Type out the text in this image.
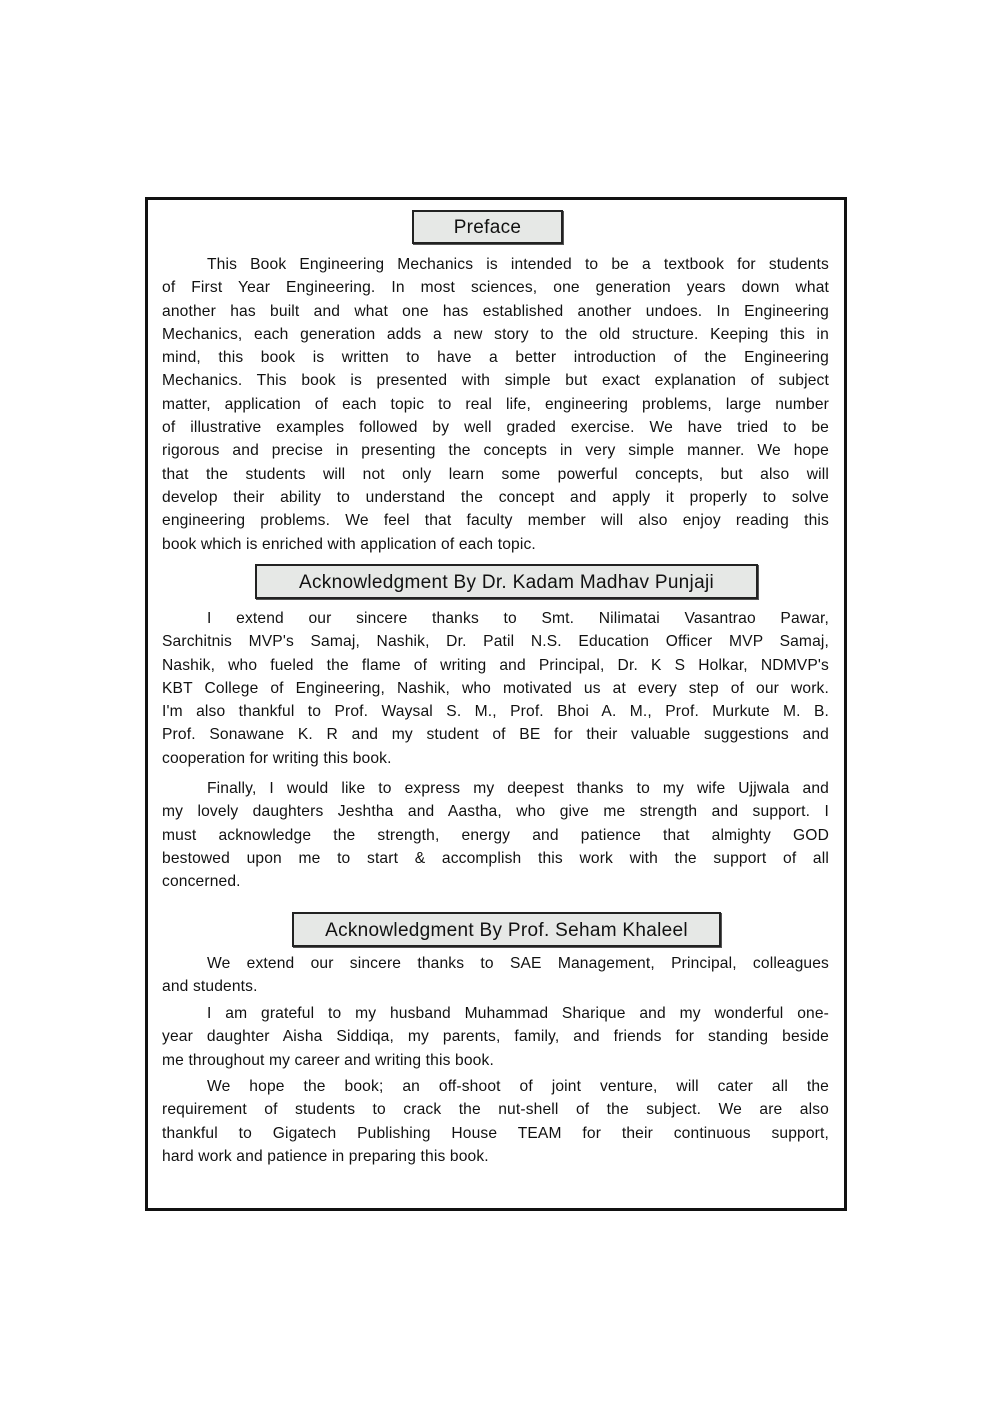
Preface
This Book Engineering Mechanics is intended to be a textbook for students
of First Year Engineering. In most sciences, one generation years down what
another has built and what one has established another undoes. In Engineering
Mechanics, each generation adds a new story to the old structure. Keeping this in
mind, this book is written to have a better introduction of the Engineering
Mechanics. This book is presented with simple but exact explanation of subject
matter, application of each topic to real life, engineering problems, large number
of illustrative examples followed by well graded exercise. We have tried to be
rigorous and precise in presenting the concepts in very simple manner. We hope
that the students will not only learn some powerful concepts, but also will
develop their ability to understand the concept and apply it properly to solve
engineering problems. We feel that faculty member will also enjoy reading this
book which is enriched with application of each topic.
Acknowledgment By Dr. Kadam Madhav Punjaji
I extend our sincere thanks to Smt. Nilimatai Vasantrao Pawar,
Sarchitnis MVP's Samaj, Nashik, Dr. Patil N.S. Education Officer MVP Samaj,
Nashik, who fueled the flame of writing and Principal, Dr. K S Holkar, NDMVP's
KBT College of Engineering, Nashik, who motivated us at every step of our work.
I'm also thankful to Prof. Waysal S. M., Prof. Bhoi A. M., Prof. Murkute M. B.
Prof. Sonawane K. R and my student of BE for their valuable suggestions and
cooperation for writing this book.
Finally, I would like to express my deepest thanks to my wife Ujjwala and
my lovely daughters Jeshtha and Aastha, who give me strength and support. I
must acknowledge the strength, energy and patience that almighty GOD
bestowed upon me to start & accomplish this work with the support of all
concerned.
Acknowledgment By Prof. Seham Khaleel
We extend our sincere thanks to SAE Management, Principal, colleagues
and students.
I am grateful to my husband Muhammad Sharique and my wonderful one-
year daughter Aisha Siddiqa, my parents, family, and friends for standing beside
me throughout my career and writing this book.
We hope the book; an off-shoot of joint venture, will cater all the
requirement of students to crack the nut-shell of the subject. We are also
thankful to Gigatech Publishing House TEAM for their continuous support,
hard work and patience in preparing this book.
